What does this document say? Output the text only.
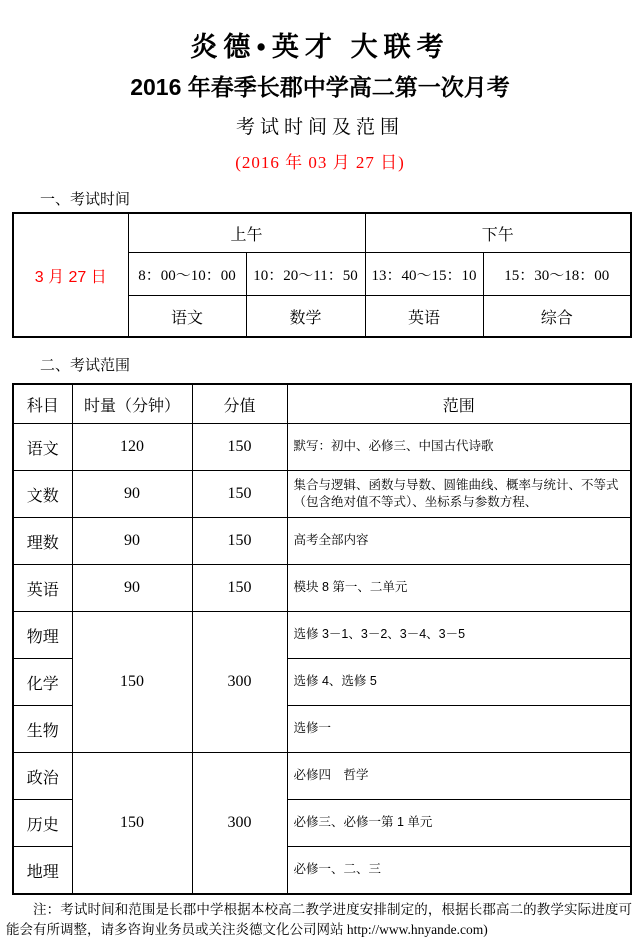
炎德•英才 大联考
2016 年春季长郡中学高二第一次月考
考试时间及范围
(2016 年 03 月 27 日)
一、考试时间
3 月 27 日	上午		下午	
	8：00～10：00	10：20～11：50	13：40～15：10	15：30～18：00
	语文	数学	英语	综合
二、考试范围
科目	时量（分钟）	分值	范围
语文	120	150	默写：初中、必修三、中国古代诗歌
文数	90	150	集合与逻辑、函数与导数、圆锥曲线、概率与统计、不等式（包含绝对值不等式）、坐标系与参数方程、
理数	90	150	高考全部内容
英语	90	150	模块 8 第一、二单元
物理	150	300	选修 3－1、3－2、3－4、3－5
化学			选修 4、选修 5
生物			选修一
政治	150	300	必修四　哲学
历史			必修三、必修一第 1 单元
地理			必修一、二、三

注：考试时间和范围是长郡中学根据本校高二教学进度安排制定的，根据长郡高二的教学实际进度可能会有所调整，请多咨询业务员或关注炎德文化公司网站 http://www.hnyande.com)
